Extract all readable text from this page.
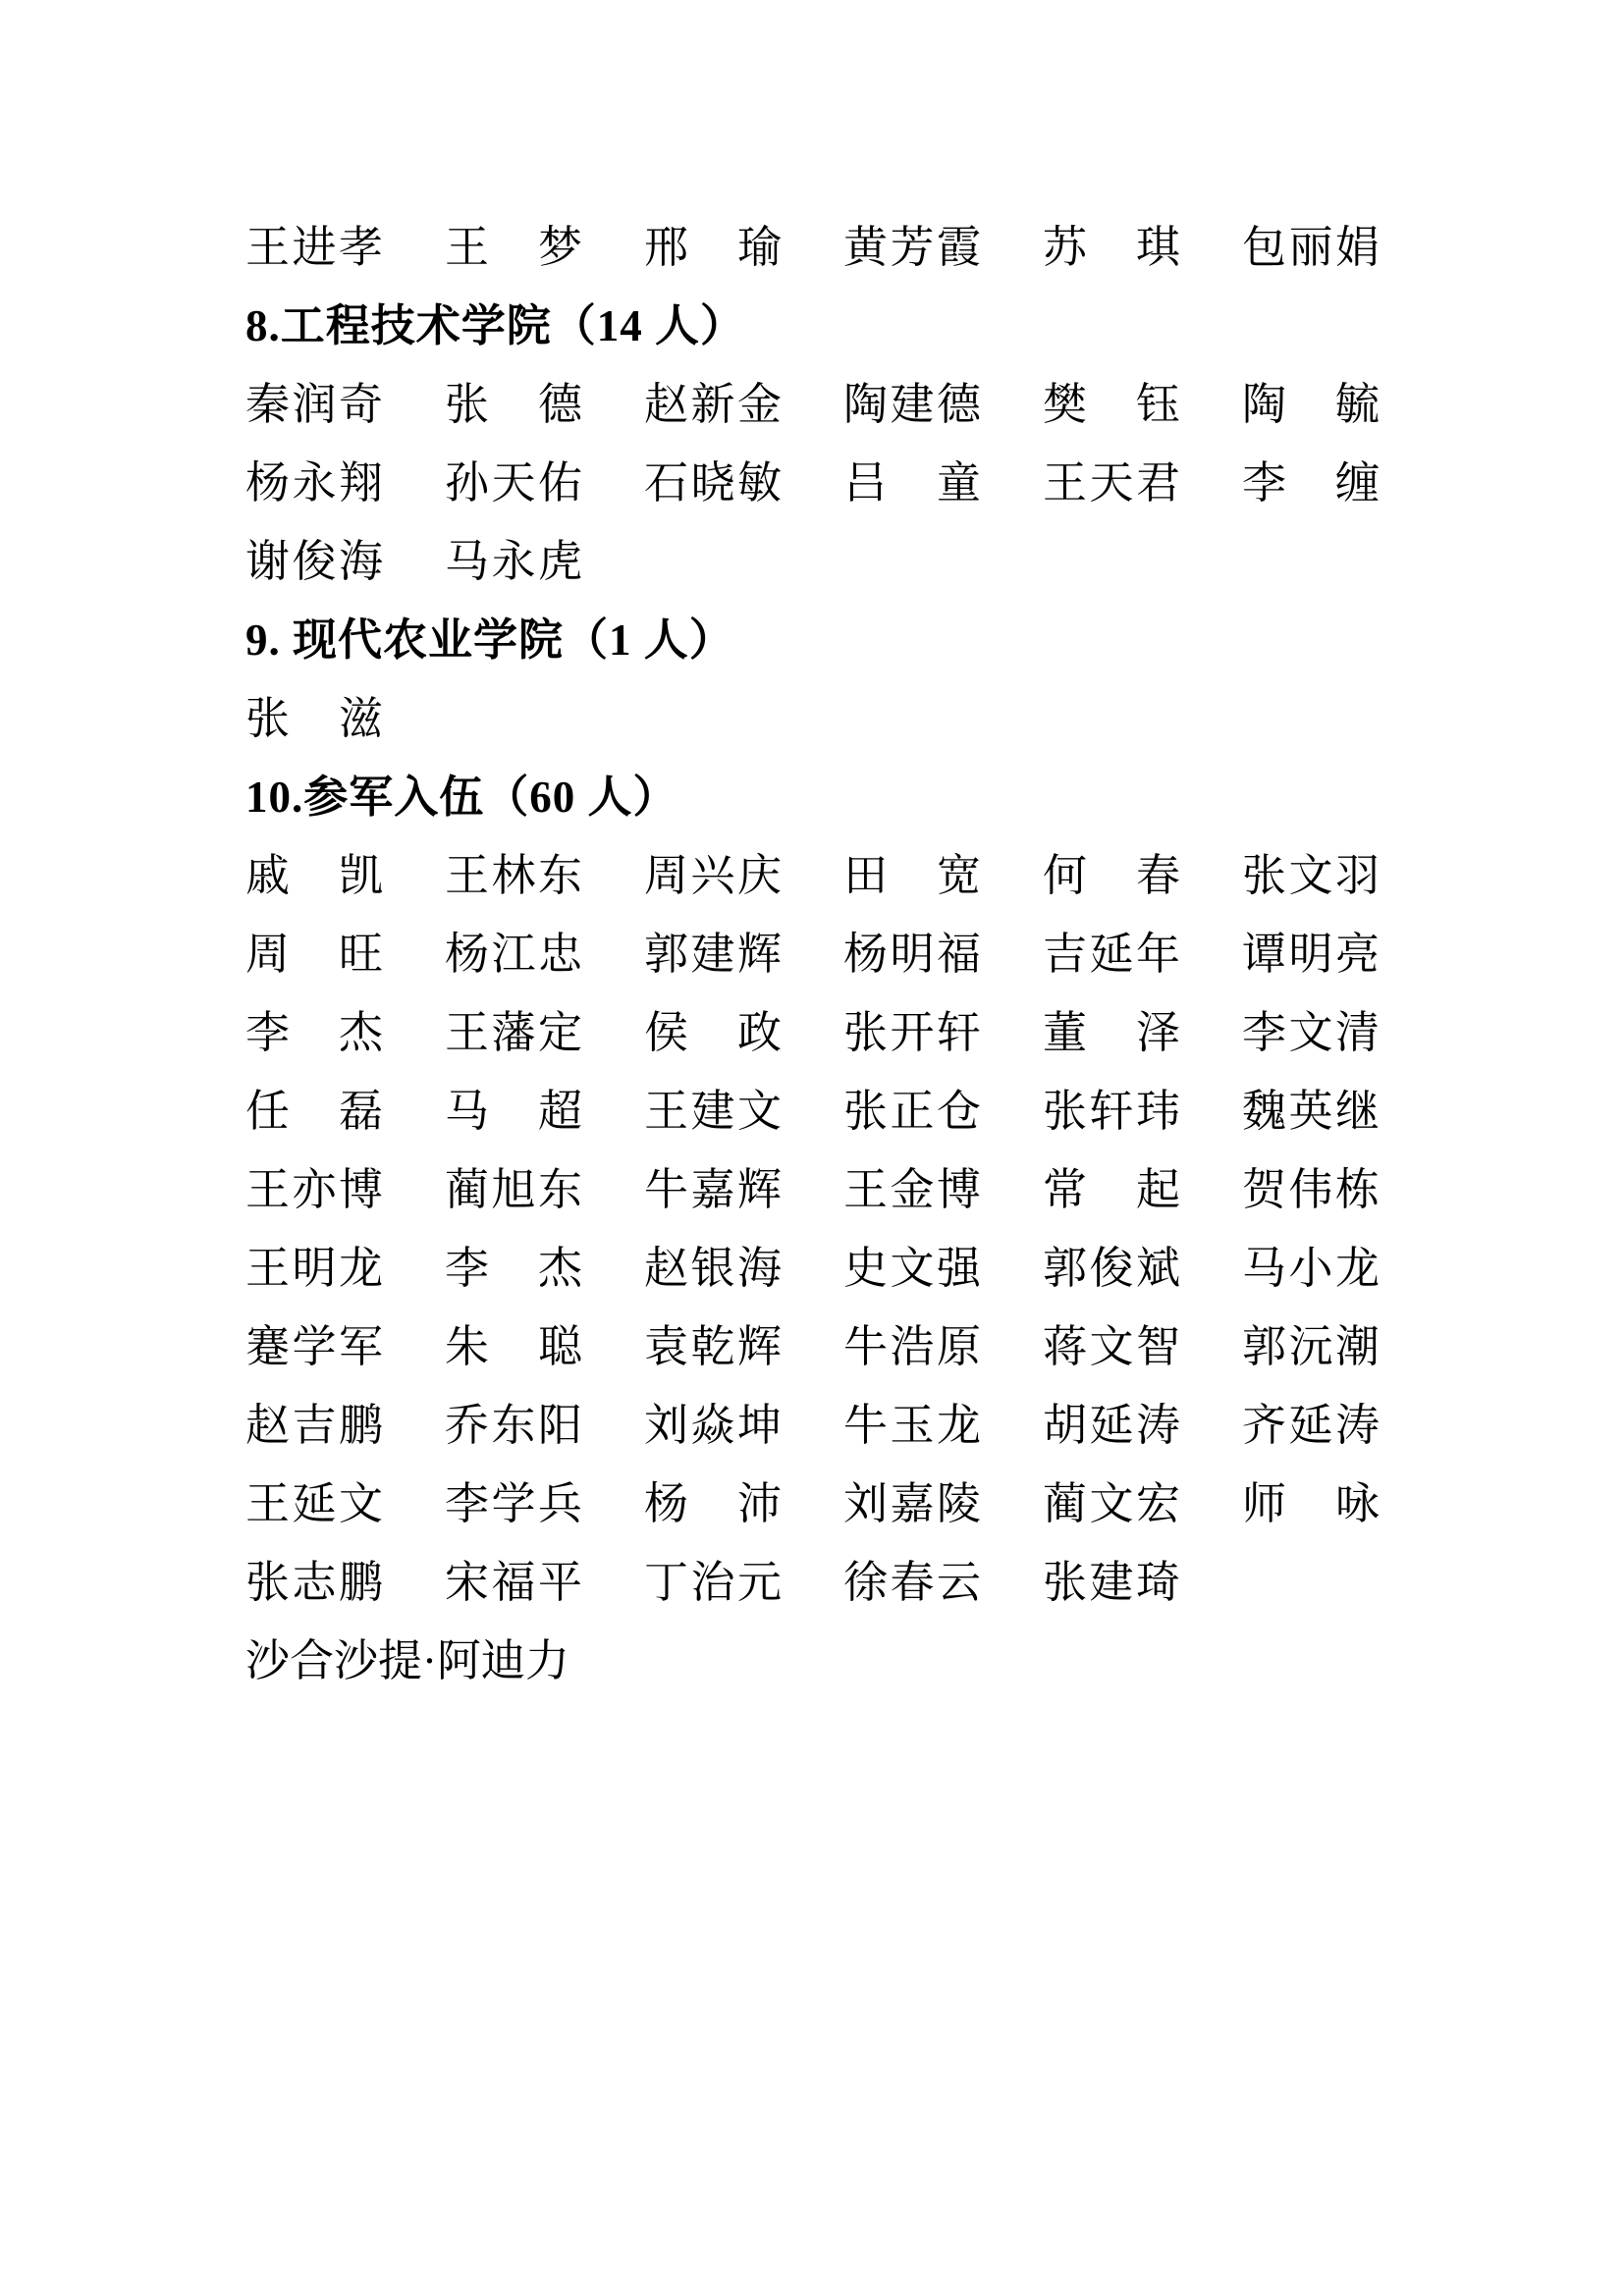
王 进 孝 王 梦 邢 瑜 黄 芳 霞 苏 琪 包 丽 娟
8.工程技术学院（14 人）
秦 润 奇 张 德 赵 新 金 陶 建 德 樊 钰 陶 毓
杨 永 翔 孙 天 佑 石 晓 敏 吕 童 王 天 君 李 缠
谢 俊 海 马 永 虎
9. 现代农业学院（1 人）
张 滋
10.参军入伍（60 人）
戚 凯 王 林 东 周 兴 庆 田 宽 何 春 张 文 羽
周 旺 杨 江 忠 郭 建 辉 杨 明 福 吉 延 年 谭 明 亮
李 杰 王 藩 定 侯 政 张 开 轩 董 泽 李 文 清
任 磊 马 超 王 建 文 张 正 仓 张 轩 玮 魏 英 继
王 亦 博 蔺 旭 东 牛 嘉 辉 王 金 博 常 起 贺 伟 栋
王 明 龙 李 杰 赵 银 海 史 文 强 郭 俊 斌 马 小 龙
蹇 学 军 朱 聪 袁 乾 辉 牛 浩 原 蒋 文 智 郭 沅 潮
赵 吉 鹏 乔 东 阳 刘 焱 坤 牛 玉 龙 胡 延 涛 齐 延 涛
王 延 文 李 学 兵 杨 沛 刘 嘉 陵 蔺 文 宏 师 咏
张 志 鹏 宋 福 平 丁 治 元 徐 春 云 张 建 琦
沙合沙提·阿迪力
